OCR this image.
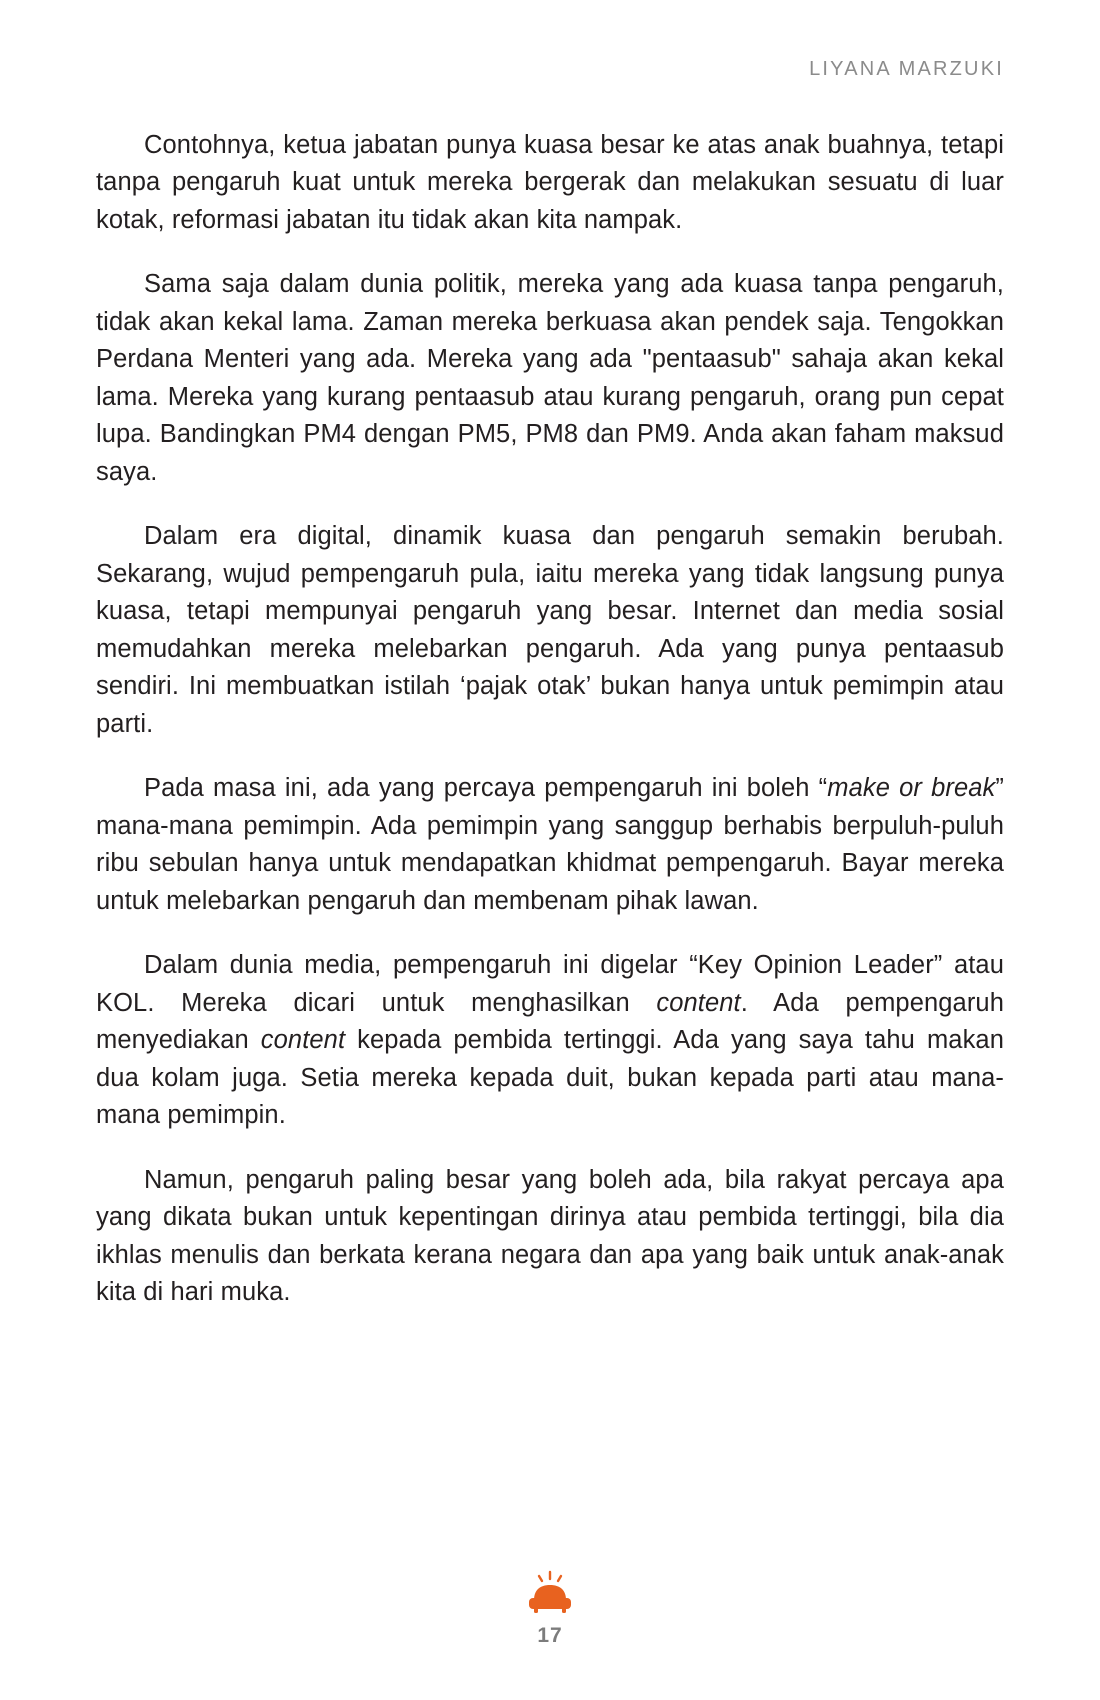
LIYANA MARZUKI

Contohnya, ketua jabatan punya kuasa besar ke atas anak buahnya, tetapi tanpa pengaruh kuat untuk mereka bergerak dan melakukan sesuatu di luar kotak, reformasi jabatan itu tidak akan kita nampak.

Sama saja dalam dunia politik, mereka yang ada kuasa tanpa pengaruh, tidak akan kekal lama. Zaman mereka berkuasa akan pendek saja. Tengokkan Perdana Menteri yang ada. Mereka yang ada "pentaasub" sahaja akan kekal lama. Mereka yang kurang pentaasub atau kurang pengaruh, orang pun cepat lupa. Bandingkan PM4 dengan PM5, PM8 dan PM9. Anda akan faham maksud saya.

Dalam era digital, dinamik kuasa dan pengaruh semakin berubah. Sekarang, wujud pempengaruh pula, iaitu mereka yang tidak langsung punya kuasa, tetapi mempunyai pengaruh yang besar. Internet dan media sosial memudahkan mereka melebarkan pengaruh. Ada yang punya pentaasub sendiri. Ini membuatkan istilah ‘pajak otak’ bukan hanya untuk pemimpin atau parti.

Pada masa ini, ada yang percaya pempengaruh ini boleh “make or break” mana-mana pemimpin. Ada pemimpin yang sanggup berhabis berpuluh-puluh ribu sebulan hanya untuk mendapatkan khidmat pempengaruh. Bayar mereka untuk melebarkan pengaruh dan membenam pihak lawan.

Dalam dunia media, pempengaruh ini digelar “Key Opinion Leader” atau KOL. Mereka dicari untuk menghasilkan content. Ada pempengaruh menyediakan content kepada pembida tertinggi. Ada yang saya tahu makan dua kolam juga. Setia mereka kepada duit, bukan kepada parti atau mana-mana pemimpin.

Namun, pengaruh paling besar yang boleh ada, bila rakyat percaya apa yang dikata bukan untuk kepentingan dirinya atau pembida tertinggi, bila dia ikhlas menulis dan berkata kerana negara dan apa yang baik untuk anak-anak kita di hari muka.

17
